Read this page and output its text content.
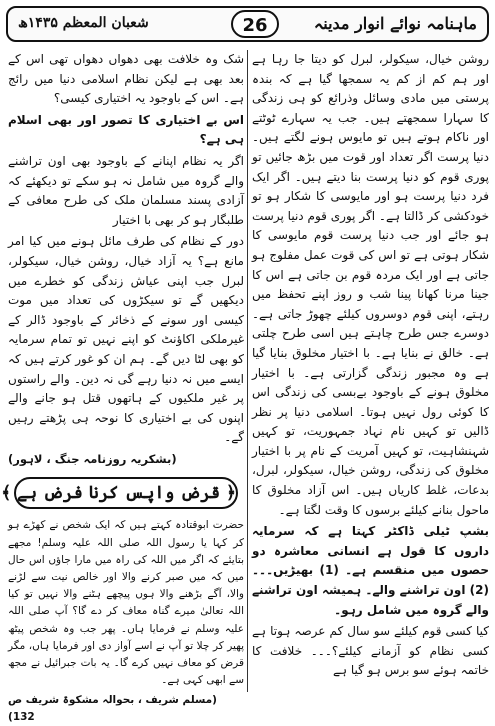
ماہنامہ نوائے انوار مدینہ
26
شعبان المعظم ۱۴۳۵ھ

روشن خیال، سیکولر، لبرل کو دیتا جا رہا ہے اور ہم کم از کم یہ سمجھا گیا ہے کہ بندہ پرستی میں مادی وسائل وذرائع کو ہی زندگی کا سہارا سمجھتے ہیں۔ جب یہ سہارے ٹوٹتے اور ناکام ہوتے ہیں تو مایوس ہونے لگتے ہیں۔ دنیا پرست اگر تعداد اور قوت میں بڑھ جائیں تو پوری قوم کو دنیا پرست بنا دیتے ہیں۔ اگر ایک فرد دنیا پرست ہو اور مایوسی کا شکار ہو تو خودکشی کر ڈالتا ہے۔ اگر پوری قوم دنیا پرست ہو جائے اور جب دنیا پرست قوم مایوسی کا شکار ہوتی ہے تو اس کی قوت عمل مفلوج ہو جاتی ہے اور ایک مردہ قوم بن جاتی ہے اس کا جینا مرنا کھانا پینا شب و روز اپنے تحفظ میں رہتے، اپنی قوم دوسروں کیلئے چھوڑ جاتی ہے۔ دوسرے جس طرح چاہتے ہیں اسی طرح چلتی ہے۔ خالق نے بنایا ہے۔ با اختیار مخلوق بنایا گیا ہے وہ مجبور زندگی گزارتی ہے۔ با اختیار مخلوق ہونے کے باوجود بےبسی کی زندگی اس کا کوئی رول نہیں ہوتا۔ اسلامی دنیا پر نظر ڈالیں تو کہیں نام نہاد جمہوریت، تو کہیں شہنشاہیت، تو کہیں آمریت کے نام پر با اختیار مخلوق کی زندگی، روشن خیال، سیکولر، لبرل، بدعات، غلط کاریاں ہیں۔ اس آزاد مخلوق کا ماحول بنانے کیلئے برسوں کا وقت لگتا ہے۔

بشپ ٹیلی ڈاکٹر کہتا ہے کہ سرمایہ داروں کا قول ہے انسانی معاشرہ دو حصوں میں منقسم ہے۔ (1) بھیڑیں۔۔۔(2) اون تراشنے والے۔ ہمیشہ اون تراشنے والے گروہ میں شامل رہو۔

کیا کسی قوم کیلئے سو سال کم عرصہ ہوتا ہے کسی نظام کو آزمانے کیلئے؟۔۔۔ خلافت کا خاتمہ ہوئے سو برس ہو گیا ہے

شک وہ خلافت بھی دھواں دھواں تھی اس کے بعد بھی ہے لیکن نظام اسلامی دنیا میں رائج ہے۔ اس کے باوجود یہ اختیاری کیسی؟

اس بے اختیاری کا تصور اور بھی اسلام ہی ہے؟

اگر یہ نظام اپنانے کے باوجود بھی اون تراشنے والے گروہ میں شامل نہ ہو سکے تو دیکھئے کہ آزادی پسند مسلمان ملک کی طرح معافی کے طلبگار ہو کر بھی با اختیار

دور کے نظام کی طرف مائل ہونے میں کیا امر مانع ہے؟ یہ آزاد خیال، روشن خیال، سیکولر، لبرل جب اپنی عیاش زندگی کو خطرے میں دیکھیں گے تو سیکڑوں کی تعداد میں موت کیسی اور سونے کے ذخائر کے باوجود ڈالر کے غیرملکی اکاؤنٹ کو اپنے نہیں تو تمام سرمایہ کو بھی لٹا دیں گے۔ ہم ان کو غور کرتے ہیں کہ ایسے میں نہ دنیا رہے گی نہ دین۔ والے راستوں پر غیر ملکیوں کے ہاتھوں قتل ہو جانے والے اپنوں کی بے اختیاری کا نوحہ ہی پڑھتے رہیں گے۔

(بشکریہ روزنامہ جنگ ، لاہور)

﴿ قرض واپس کرنا فرض ہے ﴾

حضرت ابوقتادہ کہتے ہیں کہ ایک شخص نے کھڑے ہو کر کہا یا رسول اللہ صلی اللہ علیہ وسلم! مجھے بتایئے کہ اگر میں اللہ کی راہ میں مارا جاؤں اس حال میں کہ میں صبر کرنے والا اور خالص نیت سے لڑنے والا، آگے بڑھنے والا ہوں پیچھے ہٹنے والا نہیں تو کیا اللہ تعالیٰ میرے گناہ معاف کر دے گا؟ آپ صلی اللہ علیہ وسلم نے فرمایا ہاں۔ پھر جب وہ شخص پیٹھ پھیر کر چلا تو آپ نے اسے آواز دی اور فرمایا ہاں، مگر قرض کو معاف نہیں کرے گا۔ یہ بات جبرائیل نے مجھ سے ابھی کہی ہے۔

(مسلم شریف ، بحوالہ مشکوۃ شریف ص 132)
